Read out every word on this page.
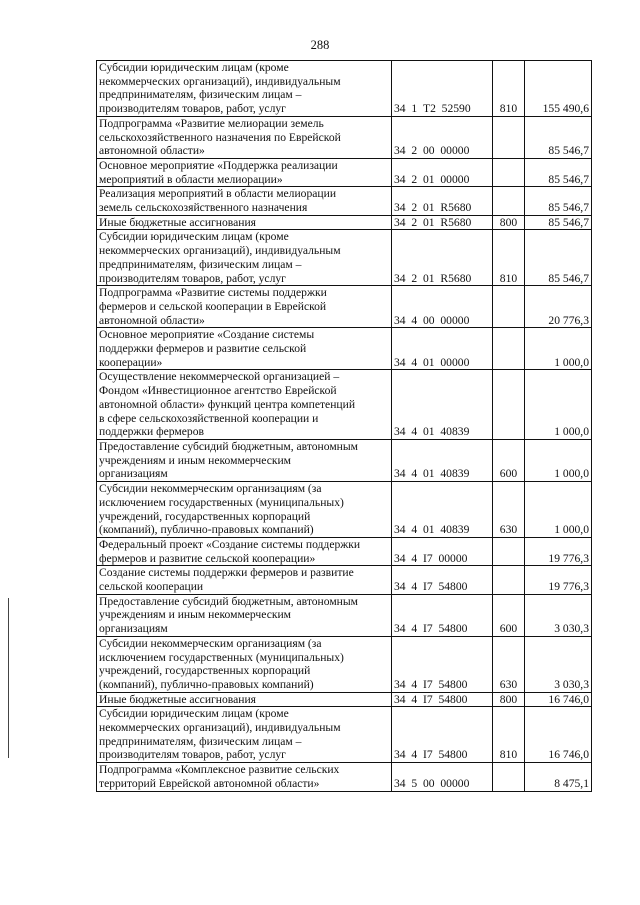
288
Субсидии юридическим лицам (кроме
некоммерческих организаций), индивидуальным
предпринимателям, физическим лицам –
производителям товаров, работ, услуг	34  1  Т2  52590	810	155 490,6

Подпрограмма «Развитие мелиорации земель
сельскохозяйственного назначения по Еврейской
автономной области»	34  2  00  00000		85 546,7

Основное мероприятие «Поддержка реализации
мероприятий в области мелиорации»	34  2  01  00000		85 546,7

Реализация мероприятий в области мелиорации
земель сельскохозяйственного назначения	34  2  01  R5680		85 546,7

Иные бюджетные ассигнования	34  2  01  R5680	800	85 546,7

Субсидии юридическим лицам (кроме
некоммерческих организаций), индивидуальным
предпринимателям, физическим лицам –
производителям товаров, работ, услуг	34  2  01  R5680	810	85 546,7

Подпрограмма «Развитие системы поддержки
фермеров и сельской кооперации в Еврейской
автономной области»	34  4  00  00000		20 776,3

Основное мероприятие «Создание системы
поддержки фермеров и развитие сельской
кооперации»	34  4  01  00000		1 000,0

Осуществление некоммерческой организацией –
Фондом «Инвестиционное агентство Еврейской
автономной области» функций центра компетенций
в сфере сельскохозяйственной кооперации и
поддержки фермеров	34  4  01  40839		1 000,0

Предоставление субсидий бюджетным, автономным
учреждениям и иным некоммерческим
организациям	34  4  01  40839	600	1 000,0

Субсидии некоммерческим организациям (за
исключением государственных (муниципальных)
учреждений, государственных корпораций
(компаний), публично-правовых компаний)	34  4  01  40839	630	1 000,0

Федеральный проект «Создание системы поддержки
фермеров и развитие сельской кооперации»	34  4  I7  00000		19 776,3

Создание системы поддержки фермеров и развитие
сельской кооперации	34  4  I7  54800		19 776,3

Предоставление субсидий бюджетным, автономным
учреждениям и иным некоммерческим
организациям	34  4  I7  54800	600	3 030,3

Субсидии некоммерческим организациям (за
исключением государственных (муниципальных)
учреждений, государственных корпораций
(компаний), публично-правовых компаний)	34  4  I7  54800	630	3 030,3

Иные бюджетные ассигнования	34  4  I7  54800	800	16 746,0

Субсидии юридическим лицам (кроме
некоммерческих организаций), индивидуальным
предпринимателям, физическим лицам –
производителям товаров, работ, услуг	34  4  I7  54800	810	16 746,0

Подпрограмма «Комплексное развитие сельских
территорий Еврейской автономной области»	34  5  00  00000		8 475,1
